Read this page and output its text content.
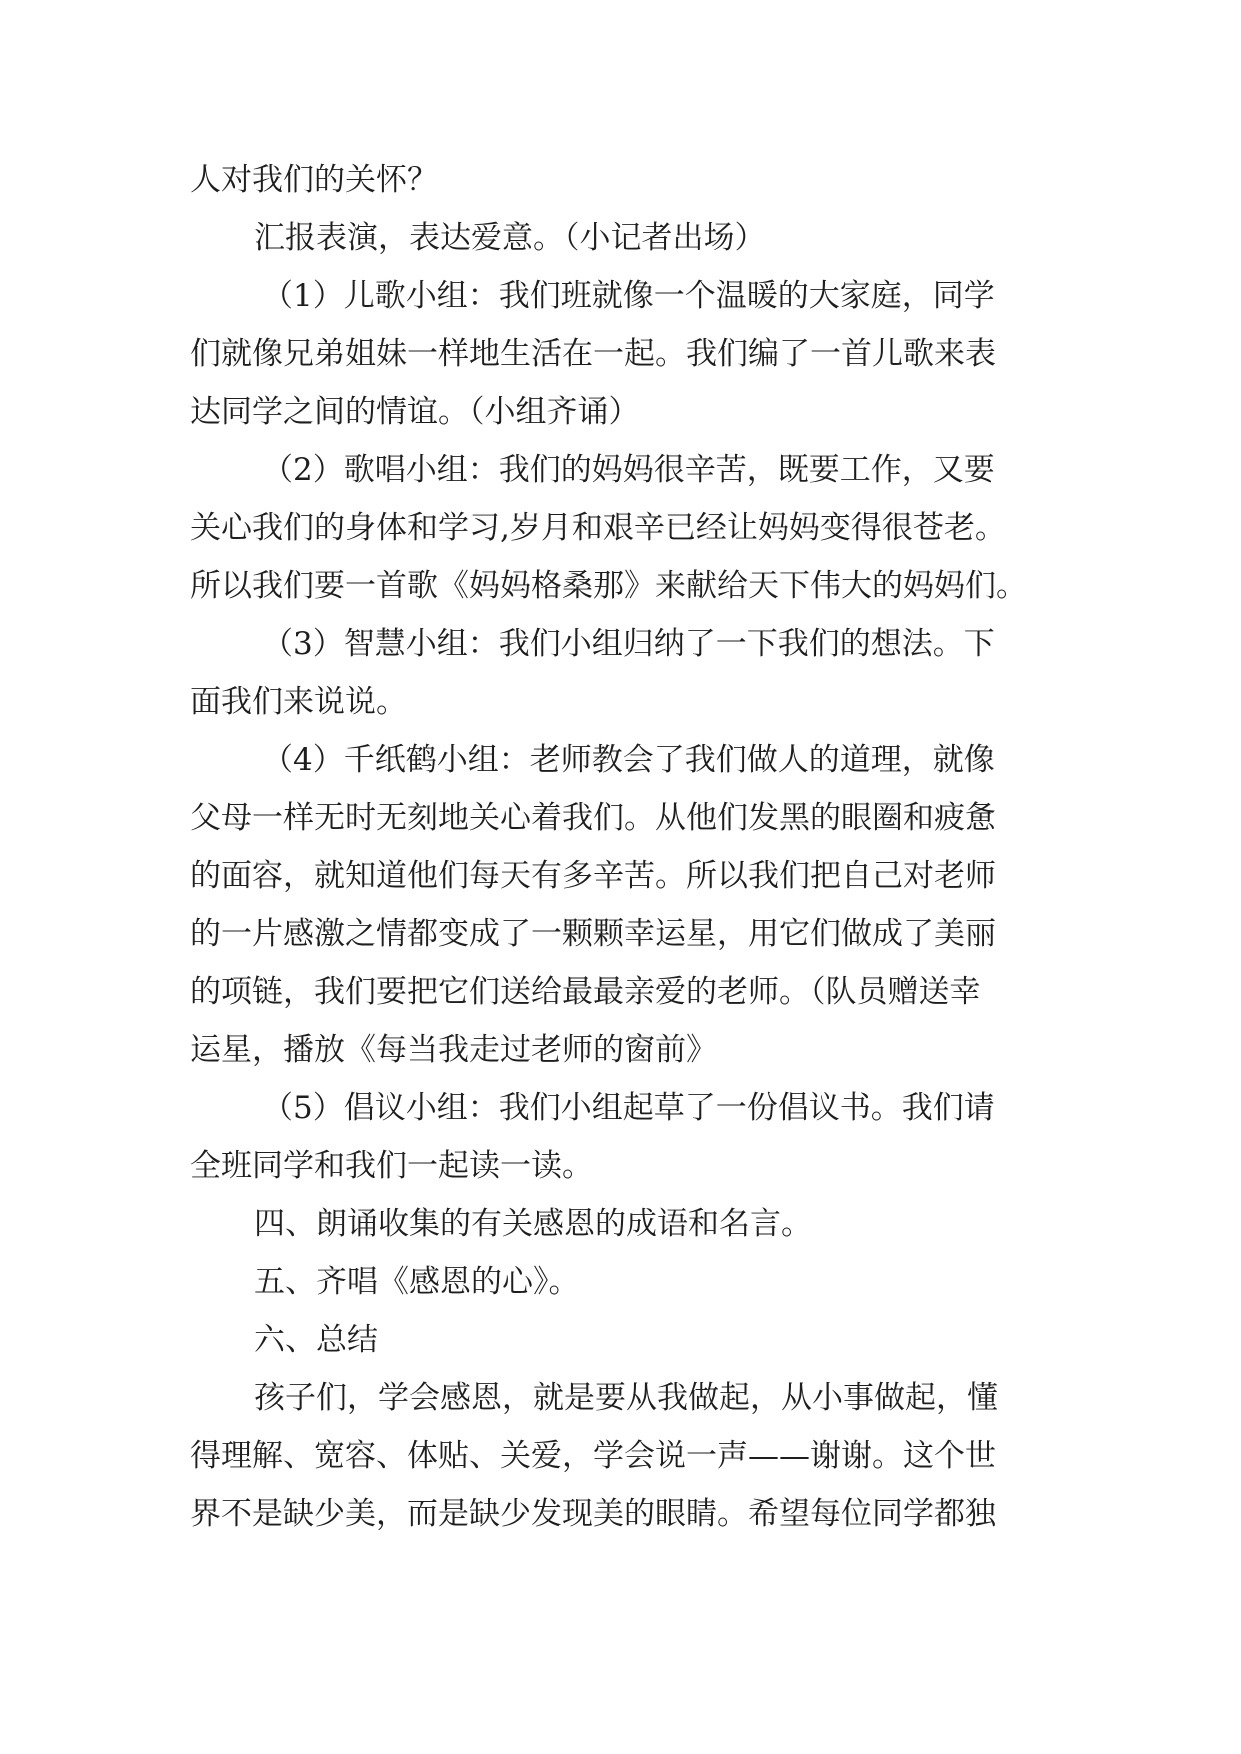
人对我们的关怀？
汇报表演，表达爱意。（小记者出场）
（1）儿歌小组：我们班就像一个温暖的大家庭，同学
们就像兄弟姐妹一样地生活在一起。我们编了一首儿歌来表
达同学之间的情谊。（小组齐诵）
（2）歌唱小组：我们的妈妈很辛苦，既要工作，又要
关心我们的身体和学习,岁月和艰辛已经让妈妈变得很苍老。
所以我们要一首歌《妈妈格桑那》来献给天下伟大的妈妈们。
（3）智慧小组：我们小组归纳了一下我们的想法。下
面我们来说说。
（4）千纸鹤小组：老师教会了我们做人的道理，就像
父母一样无时无刻地关心着我们。从他们发黑的眼圈和疲惫
的面容，就知道他们每天有多辛苦。所以我们把自己对老师
的一片感激之情都变成了一颗颗幸运星，用它们做成了美丽
的项链，我们要把它们送给最最亲爱的老师。（队员赠送幸
运星，播放《每当我走过老师的窗前》
（5）倡议小组：我们小组起草了一份倡议书。我们请
全班同学和我们一起读一读。
四、朗诵收集的有关感恩的成语和名言。
五、齐唱《感恩的心》。
六、总结
孩子们，学会感恩，就是要从我做起，从小事做起，懂
得理解、宽容、体贴、关爱，学会说一声——谢谢。这个世
界不是缺少美，而是缺少发现美的眼睛。希望每位同学都独
